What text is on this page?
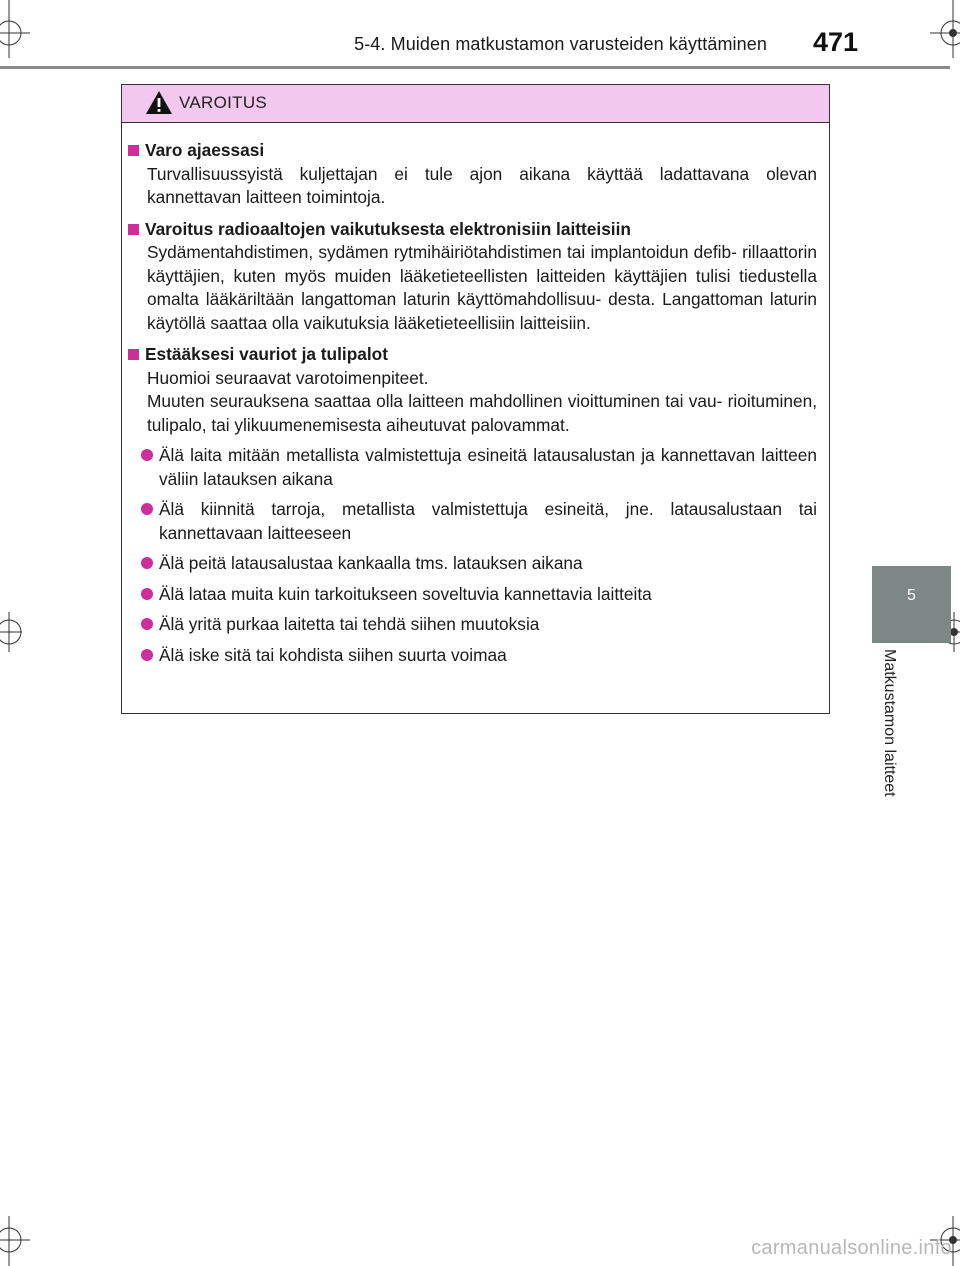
5-4. Muiden matkustamon varusteiden käyttäminen 471
5
Matkustamon laitteet
VAROITUS
Varo ajaessasi
Turvallisuussyistä kuljettajan ei tule ajon aikana käyttää ladattavana olevan kannettavan laitteen toimintoja.
Varoitus radioaaltojen vaikutuksesta elektronisiin laitteisiin
Sydämentahdistimen, sydämen rytmihäiriötahdistimen tai implantoidun defib- rillaattorin käyttäjien, kuten myös muiden lääketieteellisten laitteiden käyttäjien tulisi tiedustella omalta lääkäriltään langattoman laturin käyttömahdollisuu- desta. Langattoman laturin käytöllä saattaa olla vaikutuksia lääketieteellisiin laitteisiin.
Estääksesi vauriot ja tulipalot
Huomioi seuraavat varotoimenpiteet.
Muuten seurauksena saattaa olla laitteen mahdollinen vioittuminen tai vau- rioituminen, tulipalo, tai ylikuumenemisesta aiheutuvat palovammat.
Älä laita mitään metallista valmistettuja esineitä latausalustan ja kannettavan laitteen väliin latauksen aikana
Älä kiinnitä tarroja, metallista valmistettuja esineitä, jne. latausalustaan tai kannettavaan laitteeseen
Älä peitä latausalustaa kankaalla tms. latauksen aikana
Älä lataa muita kuin tarkoitukseen soveltuvia kannettavia laitteita
Älä yritä purkaa laitetta tai tehdä siihen muutoksia
Älä iske sitä tai kohdista siihen suurta voimaa
carmanualsonline.info
